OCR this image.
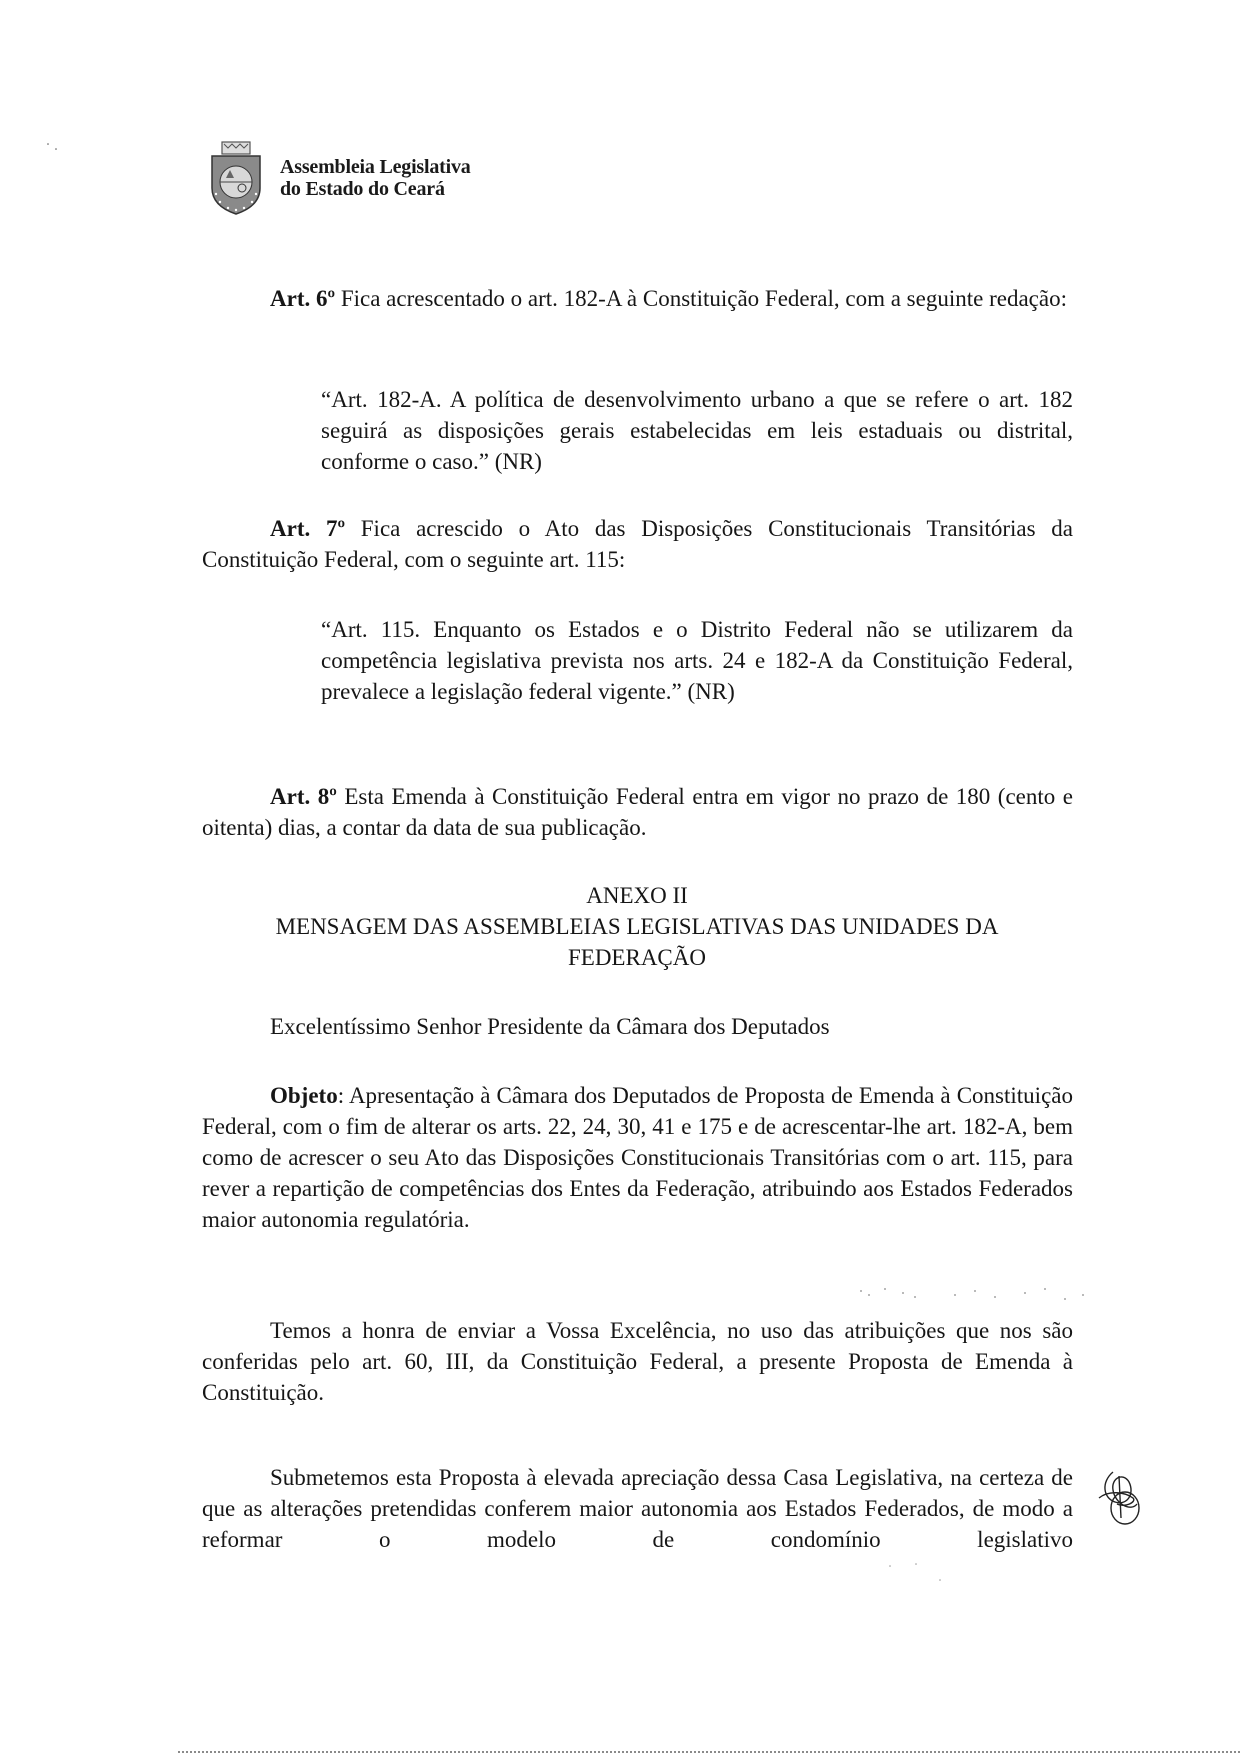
Assembleia Legislativa
do Estado do Ceará

Art. 6º Fica acrescentado o art. 182-A à Constituição Federal, com a seguinte redação:

“Art. 182-A. A política de desenvolvimento urbano a que se refere o art. 182 seguirá as disposições gerais estabelecidas em leis estaduais ou distrital, conforme o caso.” (NR)

Art. 7º Fica acrescido o Ato das Disposições Constitucionais Transitórias da Constituição Federal, com o seguinte art. 115:

“Art. 115. Enquanto os Estados e o Distrito Federal não se utilizarem da competência legislativa prevista nos arts. 24 e 182-A da Constituição Federal, prevalece a legislação federal vigente.” (NR)

Art. 8º Esta Emenda à Constituição Federal entra em vigor no prazo de 180 (cento e oitenta) dias, a contar da data de sua publicação.

ANEXO II
MENSAGEM DAS ASSEMBLEIAS LEGISLATIVAS DAS UNIDADES DA
FEDERAÇÃO

Excelentíssimo Senhor Presidente da Câmara dos Deputados

Objeto: Apresentação à Câmara dos Deputados de Proposta de Emenda à Constituição Federal, com o fim de alterar os arts. 22, 24, 30, 41 e 175 e de acrescentar-lhe art. 182-A, bem como de acrescer o seu Ato das Disposições Constitucionais Transitórias com o art. 115, para rever a repartição de competências dos Entes da Federação, atribuindo aos Estados Federados maior autonomia regulatória.

Temos a honra de enviar a Vossa Excelência, no uso das atribuições que nos são conferidas pelo art. 60, III, da Constituição Federal, a presente Proposta de Emenda à Constituição.

Submetemos esta Proposta à elevada apreciação dessa Casa Legislativa, na certeza de que as alterações pretendidas conferem maior autonomia aos Estados Federados, de modo a reformar o modelo de condomínio legislativo
